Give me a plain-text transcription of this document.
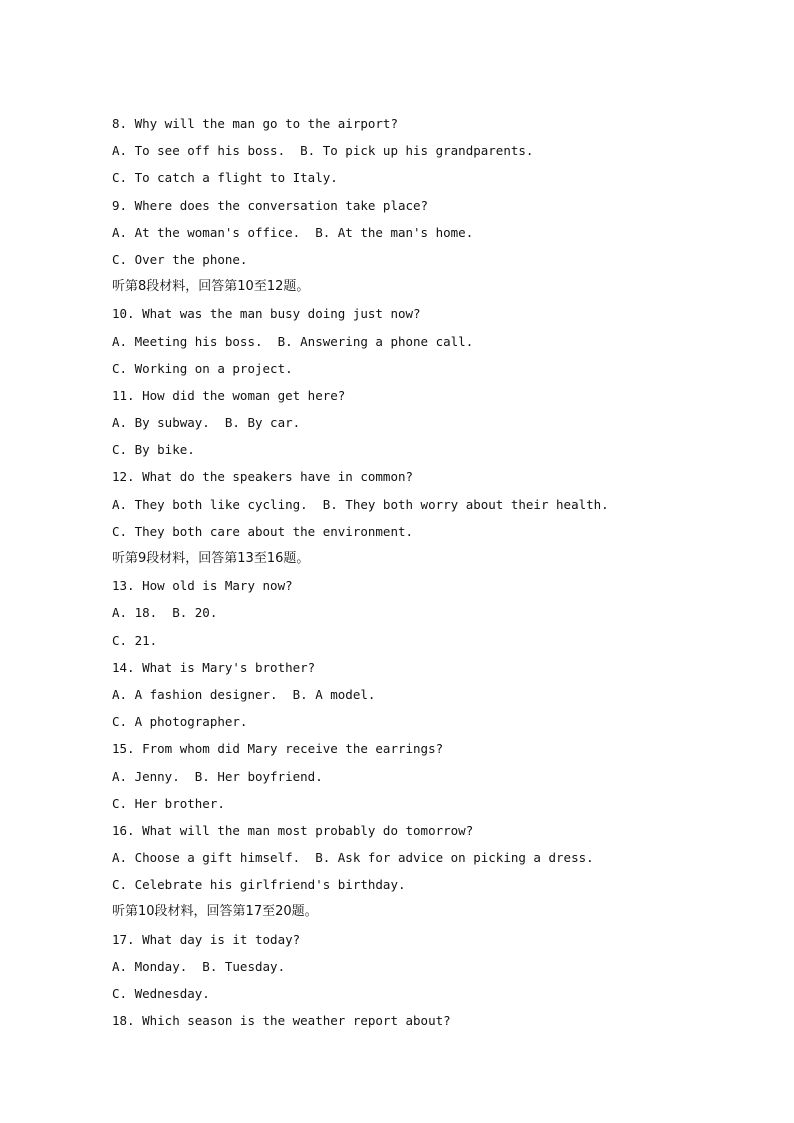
8. Why will the man go to the airport?
A. To see off his boss.  B. To pick up his grandparents.
C. To catch a flight to Italy.
9. Where does the conversation take place?
A. At the woman's office.  B. At the man's home.
C. Over the phone.
听第8段材料，回答第10至12题。
10. What was the man busy doing just now?
A. Meeting his boss.  B. Answering a phone call.
C. Working on a project.
11. How did the woman get here?
A. By subway.  B. By car.
C. By bike.
12. What do the speakers have in common?
A. They both like cycling.  B. They both worry about their health.
C. They both care about the environment.
听第9段材料，回答第13至16题。
13. How old is Mary now?
A. 18.  B. 20.
C. 21.
14. What is Mary's brother?
A. A fashion designer.  B. A model.
C. A photographer.
15. From whom did Mary receive the earrings?
A. Jenny.  B. Her boyfriend.
C. Her brother.
16. What will the man most probably do tomorrow?
A. Choose a gift himself.  B. Ask for advice on picking a dress.
C. Celebrate his girlfriend's birthday.
听第10段材料，回答第17至20题。
17. What day is it today?
A. Monday.  B. Tuesday.
C. Wednesday.
18. Which season is the weather report about?
